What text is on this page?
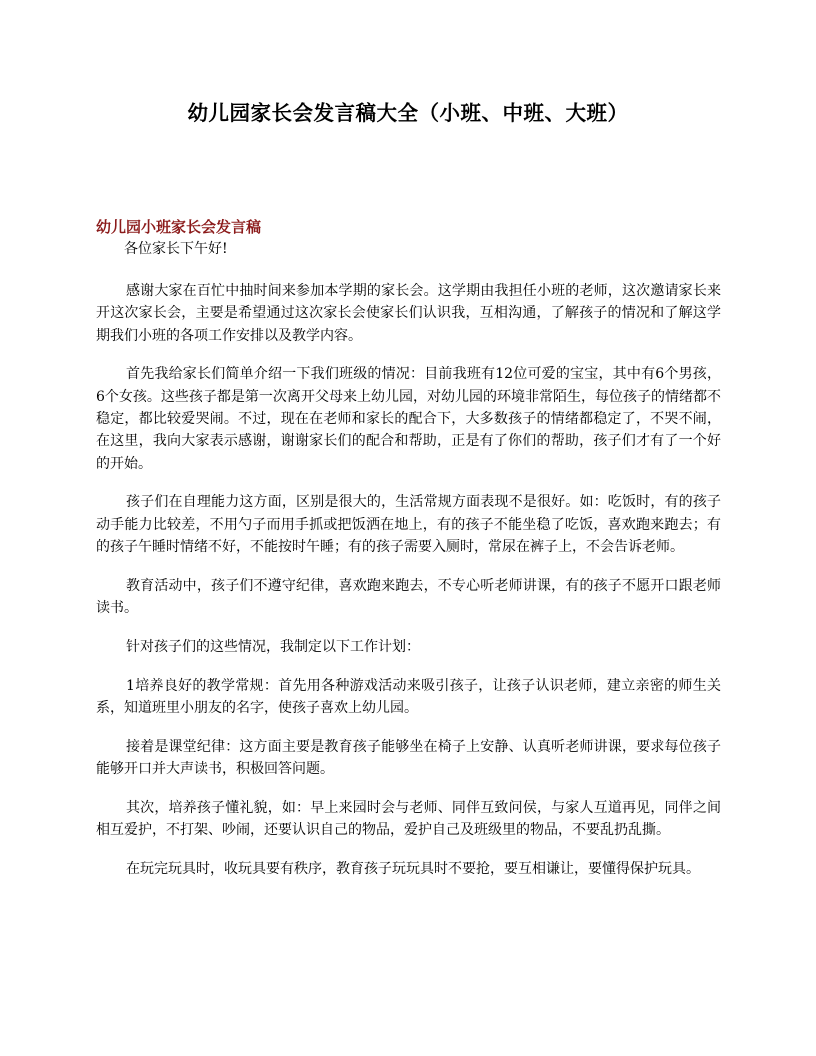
幼儿园家长会发言稿大全（小班、中班、大班）

幼儿园小班家长会发言稿

各位家长下午好!

感谢大家在百忙中抽时间来参加本学期的家长会。这学期由我担任小班的老师，这次邀请家长来开这次家长会，主要是希望通过这次家长会使家长们认识我，互相沟通，了解孩子的情况和了解这学期我们小班的各项工作安排以及教学内容。

首先我给家长们简单介绍一下我们班级的情况：目前我班有12位可爱的宝宝，其中有6个男孩，6个女孩。这些孩子都是第一次离开父母来上幼儿园，对幼儿园的环境非常陌生，每位孩子的情绪都不稳定，都比较爱哭闹。不过，现在在老师和家长的配合下，大多数孩子的情绪都稳定了，不哭不闹，在这里，我向大家表示感谢，谢谢家长们的配合和帮助，正是有了你们的帮助，孩子们才有了一个好的开始。

孩子们在自理能力这方面，区别是很大的，生活常规方面表现不是很好。如：吃饭时，有的孩子动手能力比较差，不用勺子而用手抓或把饭洒在地上，有的孩子不能坐稳了吃饭，喜欢跑来跑去；有的孩子午睡时情绪不好，不能按时午睡；有的孩子需要入厕时，常尿在裤子上，不会告诉老师。

教育活动中，孩子们不遵守纪律，喜欢跑来跑去，不专心听老师讲课，有的孩子不愿开口跟老师读书。

针对孩子们的这些情况，我制定以下工作计划：

1培养良好的教学常规：首先用各种游戏活动来吸引孩子，让孩子认识老师，建立亲密的师生关系，知道班里小朋友的名字，使孩子喜欢上幼儿园。

接着是课堂纪律：这方面主要是教育孩子能够坐在椅子上安静、认真听老师讲课，要求每位孩子能够开口并大声读书，积极回答问题。

其次，培养孩子懂礼貌，如：早上来园时会与老师、同伴互致问侯，与家人互道再见，同伴之间相互爱护，不打架、吵闹，还要认识自己的物品，爱护自己及班级里的物品，不要乱扔乱撕。

在玩完玩具时，收玩具要有秩序，教育孩子玩玩具时不要抢，要互相谦让，要懂得保护玩具。
